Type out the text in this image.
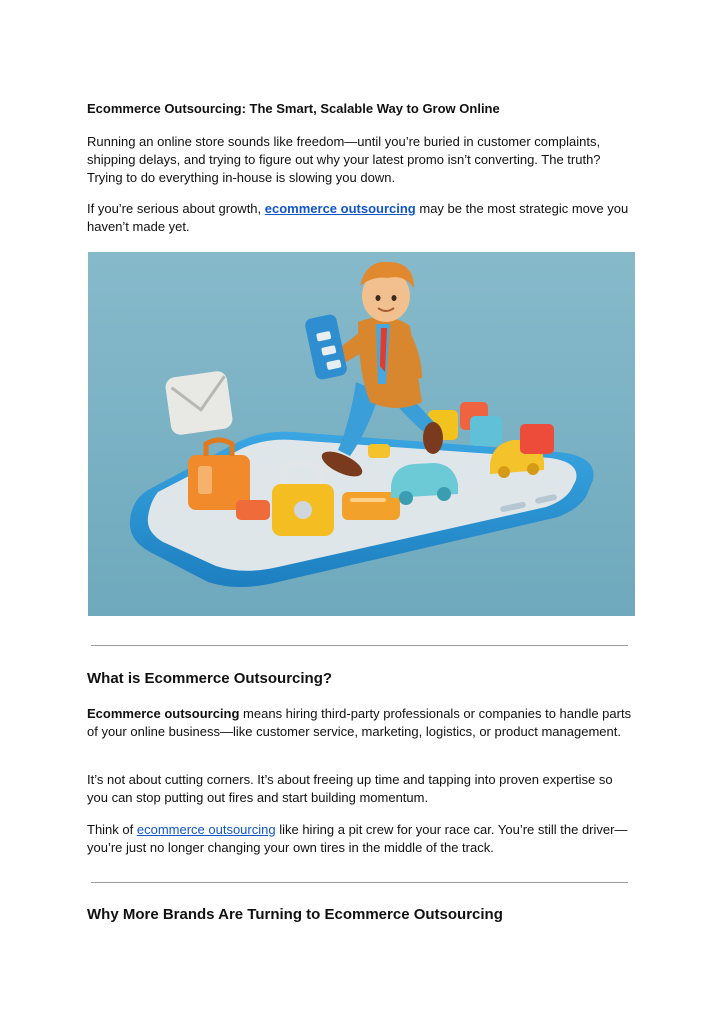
Ecommerce Outsourcing: The Smart, Scalable Way to Grow Online

Running an online store sounds like freedom—until you’re buried in customer complaints, shipping delays, and trying to figure out why your latest promo isn’t converting. The truth? Trying to do everything in-house is slowing you down.

If you’re serious about growth, ecommerce outsourcing may be the most strategic move you haven’t made yet.

What is Ecommerce Outsourcing?

Ecommerce outsourcing means hiring third-party professionals or companies to handle parts of your online business—like customer service, marketing, logistics, or product management.

It’s not about cutting corners. It’s about freeing up time and tapping into proven expertise so you can stop putting out fires and start building momentum.

Think of ecommerce outsourcing like hiring a pit crew for your race car. You’re still the driver—you’re just no longer changing your own tires in the middle of the track.

Why More Brands Are Turning to Ecommerce Outsourcing
